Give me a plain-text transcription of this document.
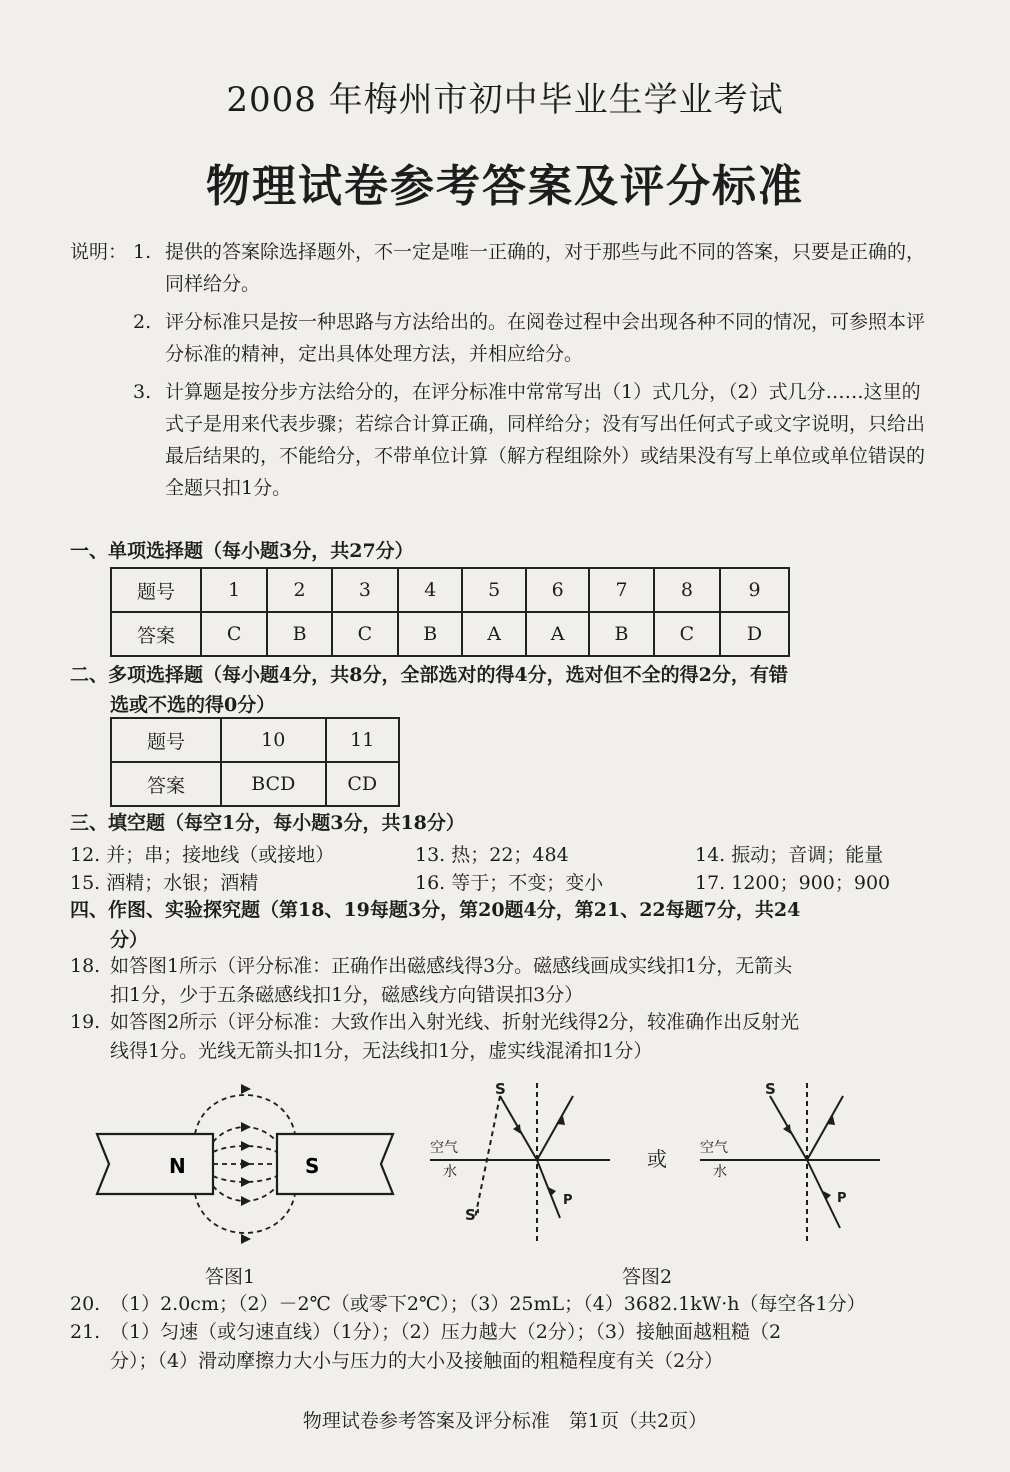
2008 年梅州市初中毕业生学业考试
物理试卷参考答案及评分标准
说明： 1. 提供的答案除选择题外，不一定是唯一正确的，对于那些与此不同的答案，只要是正确的，同样给分。
2. 评分标准只是按一种思路与方法给出的。在阅卷过程中会出现各种不同的情况，可参照本评分标准的精神，定出具体处理方法，并相应给分。
3. 计算题是按分步方法给分的，在评分标准中常常写出（1）式几分，（2）式几分……这里的式子是用来代表步骤；若综合计算正确，同样给分；没有写出任何式子或文字说明，只给出最后结果的，不能给分，不带单位计算（解方程组除外）或结果没有写上单位或单位错误的全题只扣1分。
一、单项选择题（每小题3分，共27分）
题号	1	2	3	4	5	6	7	8	9
答案	C	B	C	B	A	A	B	C	D
二、多项选择题（每小题4分，共8分，全部选对的得4分，选对但不全的得2分，有错
选或不选的得0分）
题号	10	11
答案	BCD	CD
三、填空题（每空1分，每小题3分，共18分）
12. 并；串；接地线（或接地）	13. 热；22；484	14. 振动；音调；能量
15. 酒精；水银；酒精	16. 等于；不变；变小	17. 1200；900；900
四、作图、实验探究题（第18、19每题3分，第20题4分，第21、22每题7分，共24
分）
18. 如答图1所示（评分标准：正确作出磁感线得3分。磁感线画成实线扣1分，无箭头
扣1分，少于五条磁感线扣1分，磁感线方向错误扣3分）
19. 如答图2所示（评分标准：大致作出入射光线、折射光线得2分，较准确作出反射光
线得1分。光线无箭头扣1分，无法线扣1分，虚实线混淆扣1分）
N	S
答图1
S
S'
P
空气
水
S
P
空气
水
或
答图2
20. （1）2.0cm；（2）－2℃（或零下2℃）；（3）25mL；（4）3682.1kW·h（每空各1分）
21. （1）匀速（或匀速直线）（1分）；（2）压力越大（2分）；（3）接触面越粗糙（2
分）；（4）滑动摩擦力大小与压力的大小及接触面的粗糙程度有关（2分）
物理试卷参考答案及评分标准　第1页（共2页）
